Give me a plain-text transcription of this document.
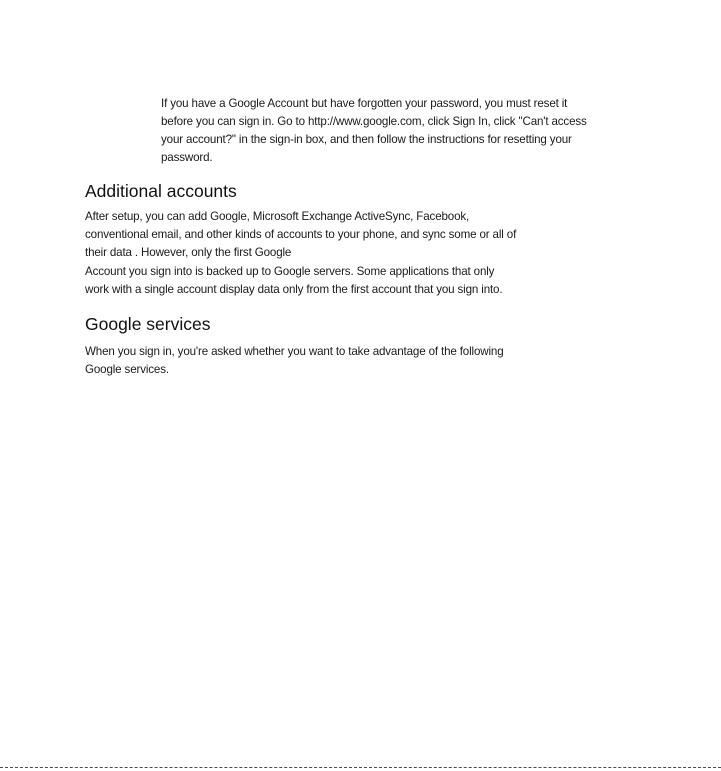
If you have a Google Account but have forgotten your password, you must reset it

before you can sign in. Go to http://www.google.com, click Sign In, click "Can't access

your account?" in the sign-in box, and then follow the instructions for resetting your

password.

Additional accounts

After setup, you can add Google, Microsoft Exchange ActiveSync, Facebook,

conventional email, and other kinds of accounts to your phone, and sync some or all of

their data . However, only the first Google

Account you sign into is backed up to Google servers. Some applications that only

work with a single account display data only from the first account that you sign into.

Google services

When you sign in, you're asked whether you want to take advantage of the following

Google services.
